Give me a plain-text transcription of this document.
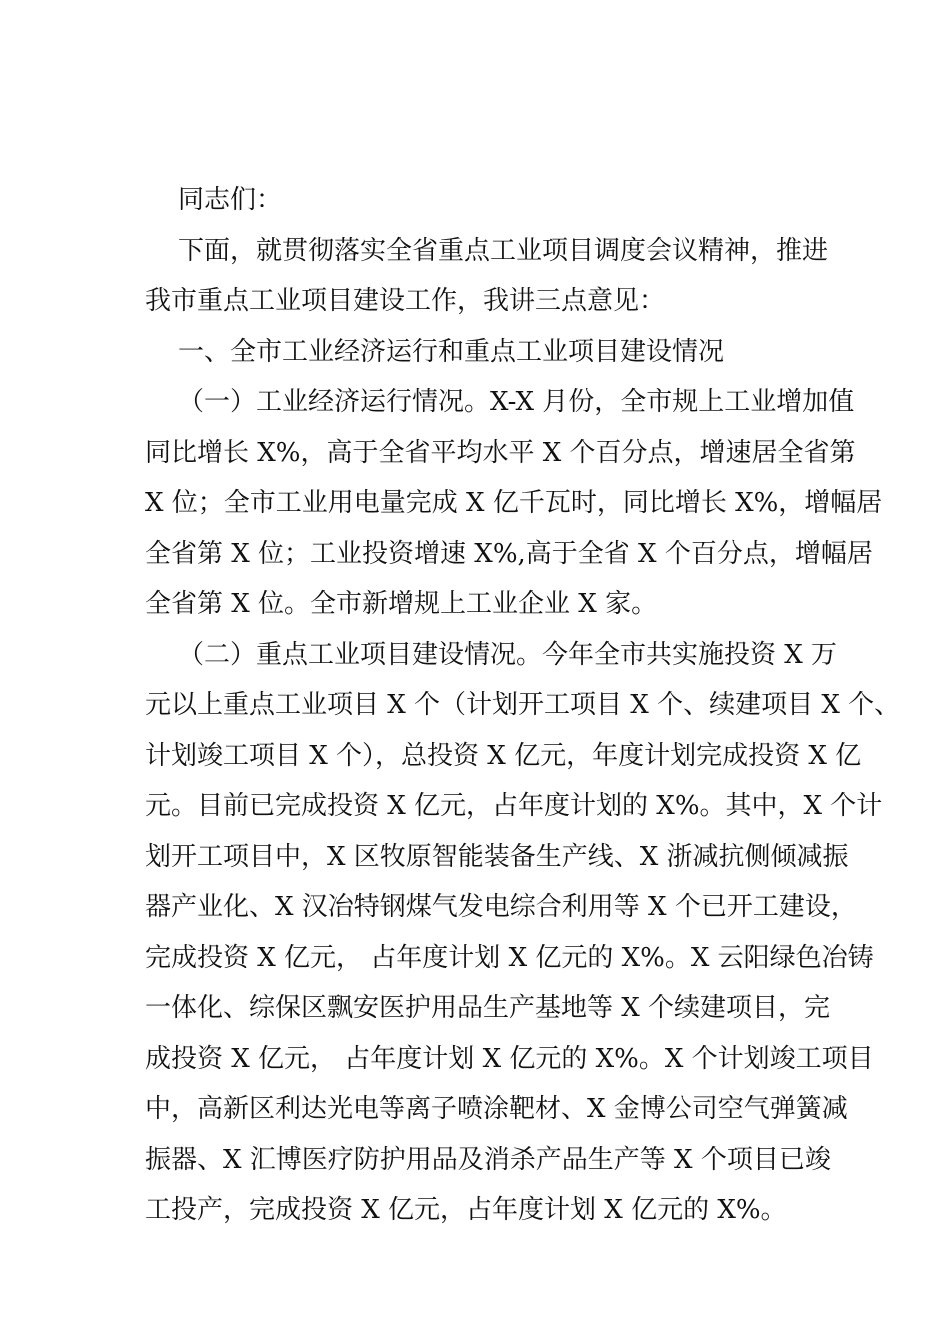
同志们：
下面，就贯彻落实全省重点工业项目调度会议精神，推进
我市重点工业项目建设工作，我讲三点意见：
一、全市工业经济运行和重点工业项目建设情况
（一）工业经济运行情况。X-X 月份，全市规上工业增加值
同比增长 X%，高于全省平均水平 X 个百分点，增速居全省第
X 位；全市工业用电量完成 X 亿千瓦时，同比增长 X%，增幅居
全省第 X 位；工业投资增速 X%,高于全省 X 个百分点，增幅居
全省第 X 位。全市新增规上工业企业 X 家。
（二）重点工业项目建设情况。今年全市共实施投资 X 万
元以上重点工业项目 X 个（计划开工项目 X 个、续建项目 X 个、
计划竣工项目 X 个），总投资 X 亿元，年度计划完成投资 X 亿
元。目前已完成投资 X 亿元，占年度计划的 X%。其中，X 个计
划开工项目中，X 区牧原智能装备生产线、X 浙减抗侧倾减振
器产业化、X 汉冶特钢煤气发电综合利用等 X 个已开工建设，
完成投资 X 亿元， 占年度计划 X 亿元的 X%。X 云阳绿色冶铸
一体化、综保区飘安医护用品生产基地等 X 个续建项目，完
成投资 X 亿元， 占年度计划 X 亿元的 X%。X 个计划竣工项目
中，高新区利达光电等离子喷涂靶材、X 金博公司空气弹簧减
振器、X 汇博医疗防护用品及消杀产品生产等 X 个项目已竣
工投产，完成投资 X 亿元，占年度计划 X 亿元的 X%。
